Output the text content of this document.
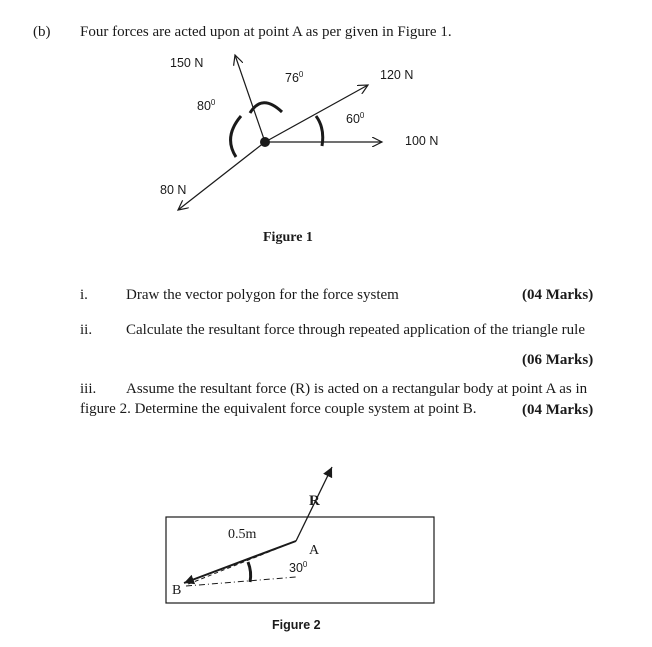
(b) Four forces are acted upon at point A as per given in Figure 1.
150 N
120 N
100 N
80 N
$76^0$
$80^0$
$60^0$
Figure 1
i.	Draw the vector polygon for the force system	(04 Marks)
ii. Calculate the resultant force through repeated application of the triangle rule
(06 Marks)
iii. Assume the resultant force (R) is acted on a rectangular body at point A as in
figure 2. Determine the equivalent force couple system at point B.	(04 Marks)
R
0.5m
A
B
$30^0$
Figure 2
